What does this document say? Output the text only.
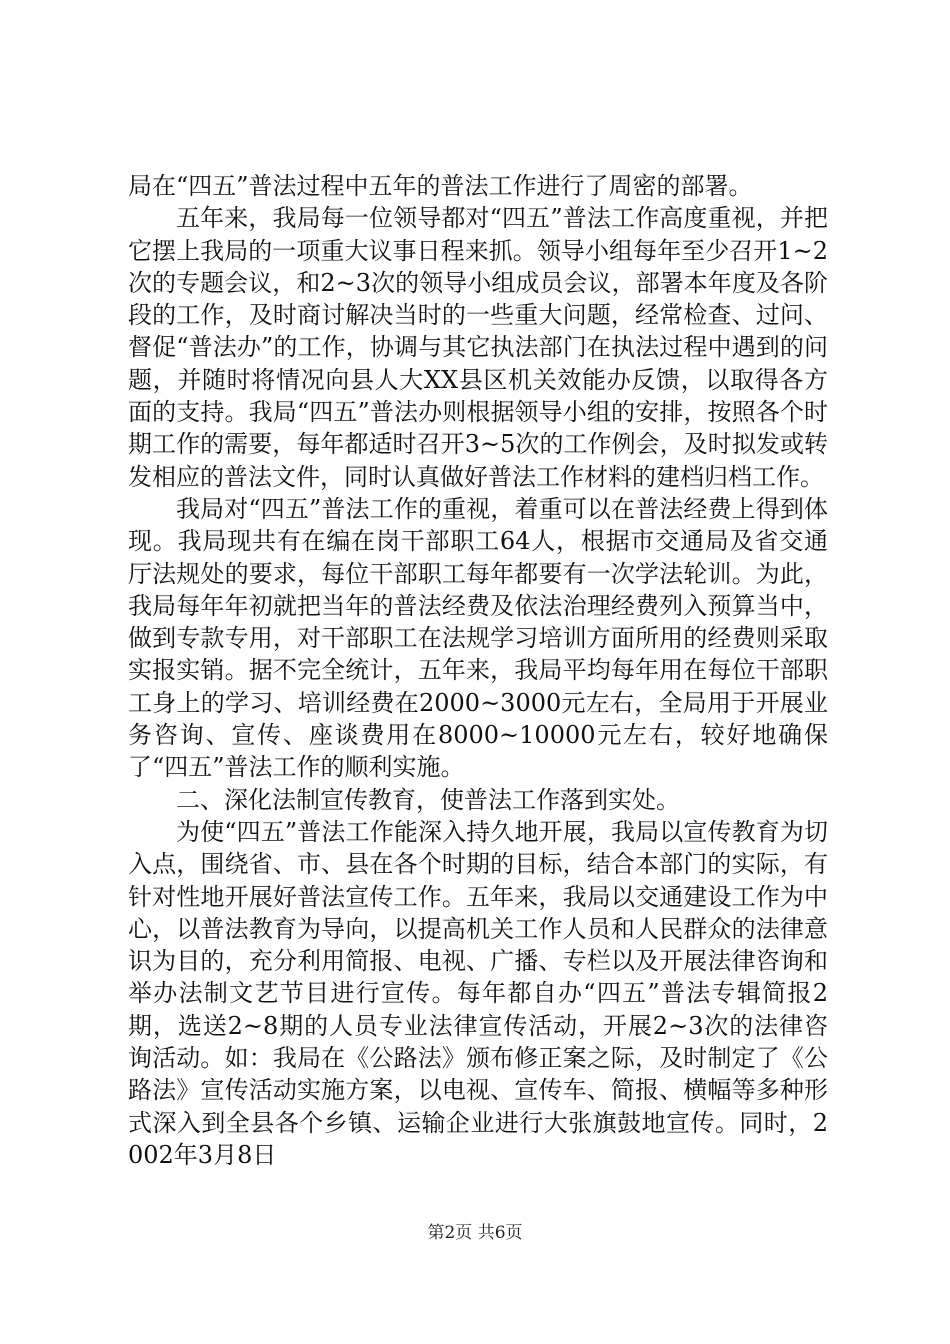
局在“四五”普法过程中五年的普法工作进行了周密的部署。

五年来，我局每一位领导都对“四五”普法工作高度重视，并把它摆上我局的一项重大议事日程来抓。领导小组每年至少召开1~2次的专题会议，和2~3次的领导小组成员会议，部署本年度及各阶段的工作，及时商讨解决当时的一些重大问题，经常检查、过问、督促“普法办”的工作，协调与其它执法部门在执法过程中遇到的问题，并随时将情况向县人大XX县区机关效能办反馈，以取得各方面的支持。我局“四五”普法办则根据领导小组的安排，按照各个时期工作的需要，每年都适时召开3~5次的工作例会，及时拟发或转发相应的普法文件，同时认真做好普法工作材料的建档归档工作。

我局对“四五”普法工作的重视，着重可以在普法经费上得到体现。我局现共有在编在岗干部职工64人，根据市交通局及省交通厅法规处的要求，每位干部职工每年都要有一次学法轮训。为此，我局每年年初就把当年的普法经费及依法治理经费列入预算当中，做到专款专用，对干部职工在法规学习培训方面所用的经费则采取实报实销。据不完全统计，五年来，我局平均每年用在每位干部职工身上的学习、培训经费在2000~3000元左右，全局用于开展业务咨询、宣传、座谈费用在8000~10000元左右，较好地确保了“四五”普法工作的顺利实施。

二、深化法制宣传教育，使普法工作落到实处。

为使“四五”普法工作能深入持久地开展，我局以宣传教育为切入点，围绕省、市、县在各个时期的目标，结合本部门的实际，有针对性地开展好普法宣传工作。五年来，我局以交通建设工作为中心，以普法教育为导向，以提高机关工作人员和人民群众的法律意识为目的，充分利用简报、电视、广播、专栏以及开展法律咨询和举办法制文艺节目进行宣传。每年都自办“四五”普法专辑简报2期，选送2~8期的人员专业法律宣传活动，开展2~3次的法律咨询活动。如：我局在《公路法》颁布修正案之际，及时制定了《公路法》宣传活动实施方案，以电视、宣传车、简报、横幅等多种形式深入到全县各个乡镇、运输企业进行大张旗鼓地宣传。同时，2002年3月8日

第2页 共6页
